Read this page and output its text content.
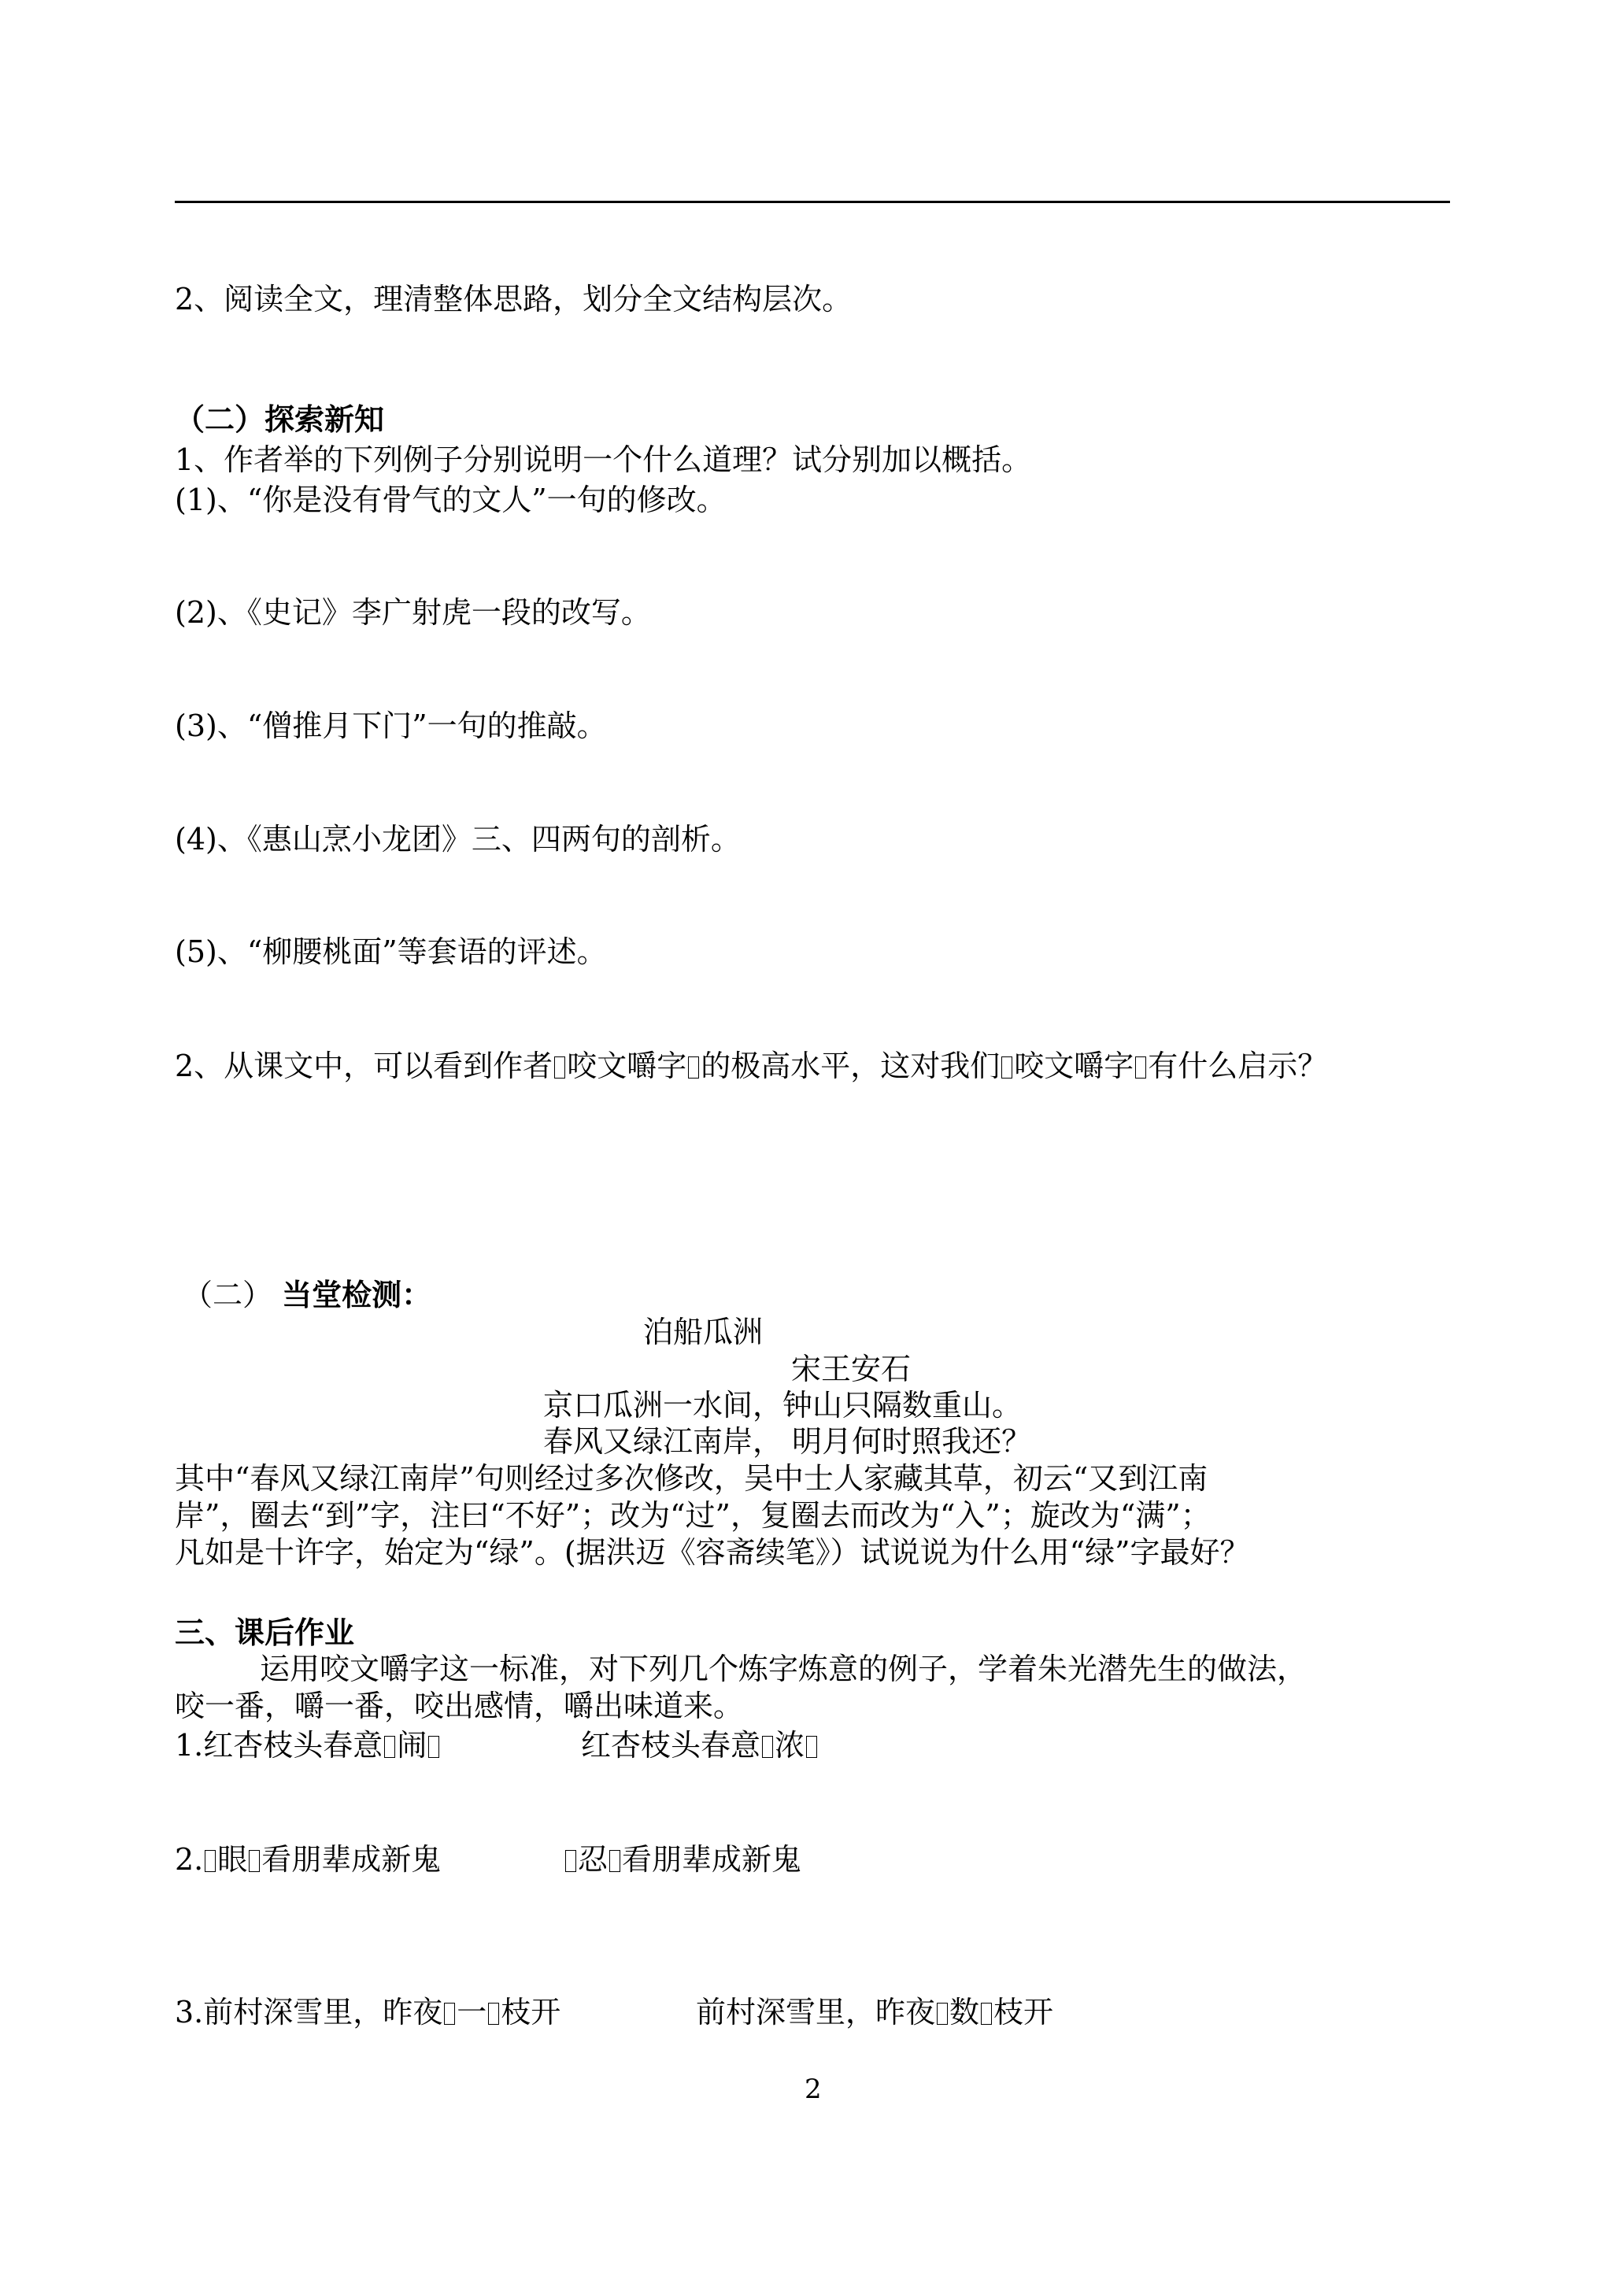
2、阅读全文，理清整体思路，划分全文结构层次。
（二）探索新知
1、作者举的下列例子分别说明一个什么道理？试分别加以概括。
(1)、“你是没有骨气的文人”一句的修改。
(2)、《史记》李广射虎一段的改写。
(3)、“僧推月下门”一句的推敲。
(4)、《惠山烹小龙团》三、四两句的剖析。
(5)、“柳腰桃面”等套语的评述。
2、从课文中，可以看到作者 咬文嚼字 的极高水平，这对我们 咬文嚼字 有什么启示？
（二） 当堂检测：
泊船瓜洲
宋王安石
京口瓜洲一水间，钟山只隔数重山。
春风又绿江南岸， 明月何时照我还？
其中“春风又绿江南岸”句则经过多次修改，吴中士人家藏其草，初云“又到江南
岸”，圈去“到”字，注曰“不好”；改为“过”，复圈去而改为“入”；旋改为“满”；
凡如是十许字，始定为“绿”。(据洪迈《容斋续笔》）试说说为什么用“绿”字最好？
三、课后作业
运用咬文嚼字这一标准，对下列几个炼字炼意的例子，学着朱光潜先生的做法，
咬一番，嚼一番，咬出感情，嚼出味道来。
1.红杏枝头春意 闹	红杏枝头春意 浓
2. 眼 看朋辈成新鬼	忍 看朋辈成新鬼
3.前村深雪里，昨夜 一 枝开	前村深雪里，昨夜 数 枝开
2
